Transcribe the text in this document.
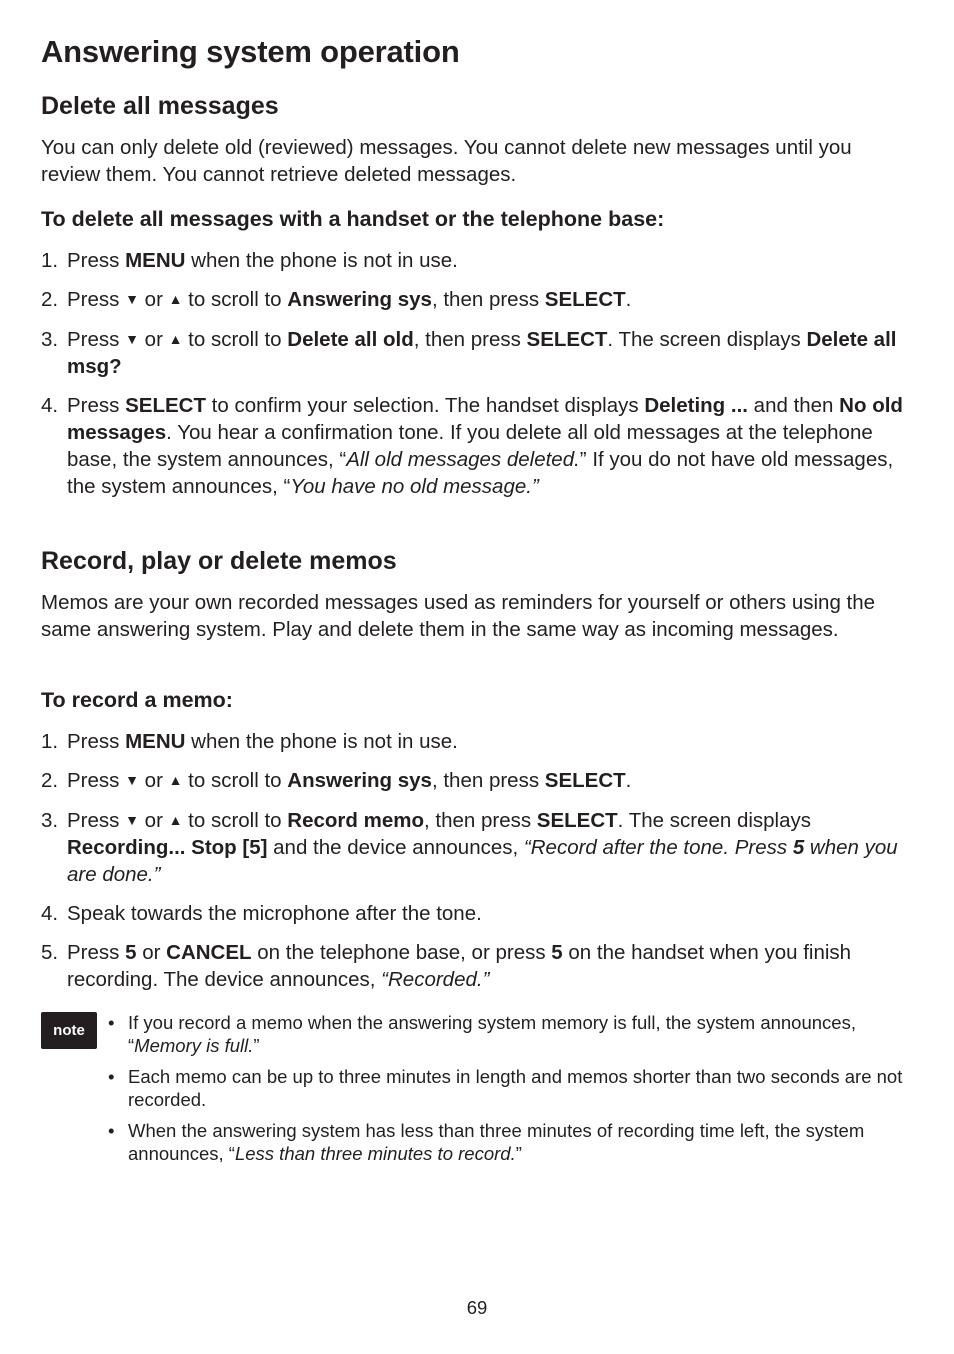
Answering system operation
Delete all messages

You can only delete old (reviewed) messages. You cannot delete new messages until you review them. You cannot retrieve deleted messages.

To delete all messages with a handset or the telephone base:
1. Press MENU when the phone is not in use.
2. Press ▼ or ▲ to scroll to Answering sys, then press SELECT.
3. Press ▼ or ▲ to scroll to Delete all old, then press SELECT. The screen displays Delete all msg?
4. Press SELECT to confirm your selection. The handset displays Deleting ... and then No old messages. You hear a confirmation tone. If you delete all old messages at the telephone base, the system announces, “All old messages deleted.” If you do not have old messages, the system announces, “You have no old message.”
Record, play or delete memos

Memos are your own recorded messages used as reminders for yourself or others using the same answering system. Play and delete them in the same way as incoming messages.

To record a memo:
1. Press MENU when the phone is not in use.
2. Press ▼ or ▲ to scroll to Answering sys, then press SELECT.
3. Press ▼ or ▲ to scroll to Record memo, then press SELECT. The screen displays Recording... Stop [5] and the device announces, “Record after the tone. Press 5 when you are done.”
4. Speak towards the microphone after the tone.
5. Press 5 or CANCEL on the telephone base, or press 5 on the handset when you finish recording. The device announces, “Recorded.”
note	• If you record a memo when the answering system memory is full, the system announces, “Memory is full.”
• Each memo can be up to three minutes in length and memos shorter than two seconds are not recorded.
• When the answering system has less than three minutes of recording time left, the system announces, “Less than three minutes to record.”
69
